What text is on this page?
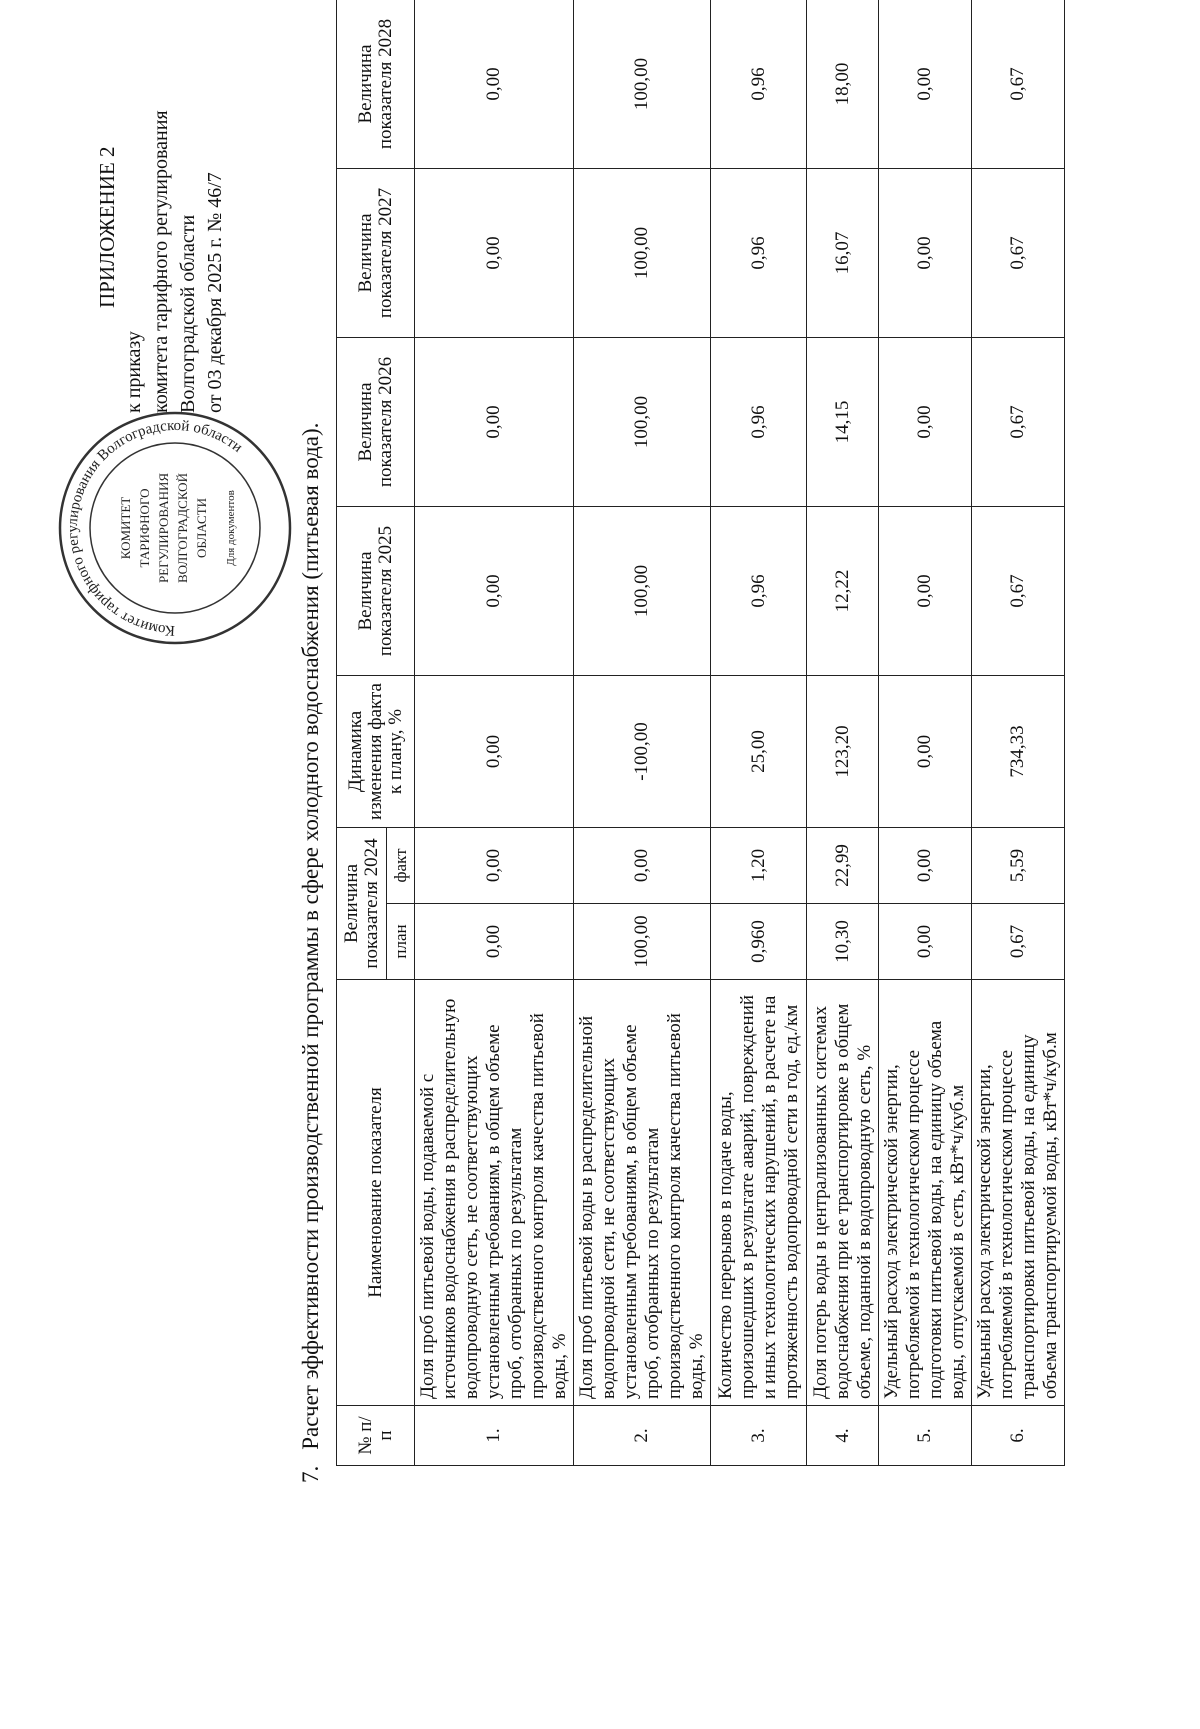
ПРИЛОЖЕНИЕ 2
к приказу комитета тарифного регулирования Волгоградской области от 03 декабря 2025 г. № 46/7
Комитет тарифного регулирования Волгоградской области
КОМИТЕТ ТАРИФНОГО РЕГУЛИРОВАНИЯ ВОЛГОГРАДСКОЙ ОБЛАСТИ Для документов
7.Расчет эффективности производственной программы в сфере холодного водоснабжения (питьевая вода). № п/п	Наименование показателя	Величина показателя 2024		Динамика изменения факта к плану, %	Величина показателя 2025	Величина показателя 2026	Величина показателя 2027	Величина показателя 2028
		план	факт					
1.	Доля проб питьевой воды, подаваемой с источников водоснабжения в распределительную водопроводную сеть, не соответствующих установленным требованиям, в общем объеме проб, отобранных по результатам производственного контроля качества питьевой воды, %	0,00	0,00	0,00	0,00	0,00	0,00	0,00
2.	Доля проб питьевой воды в распределительной водопроводной сети, не соответствующих установленным требованиям, в общем объеме проб, отобранных по результатам производственного контроля качества питьевой воды, %	100,00	0,00	-100,00	100,00	100,00	100,00	100,00
3.	Количество перерывов в подаче воды, произошедших в результате аварий, повреждений и иных технологических нарушений, в расчете на протяженность водопроводной сети в год, ед./км	0,960	1,20	25,00	0,96	0,96	0,96	0,96
4.	Доля потерь воды в централизованных системах водоснабжения при ее транспортировке в общем объеме, поданной в водопроводную сеть, %	10,30	22,99	123,20	12,22	14,15	16,07	18,00
5.	Удельный расход электрической энергии, потребляемой в технологическом процессе подготовки питьевой воды, на единицу объема воды, отпускаемой в сеть, кВт*ч/куб.м	0,00	0,00	0,00	0,00	0,00	0,00	0,00
6.	Удельный расход электрической энергии, потребляемой в технологическом процессе транспортировки питьевой воды, на единицу объема транспортируемой воды, кВт*ч/куб.м	0,67	5,59	734,33	0,67	0,67	0,67	0,67
